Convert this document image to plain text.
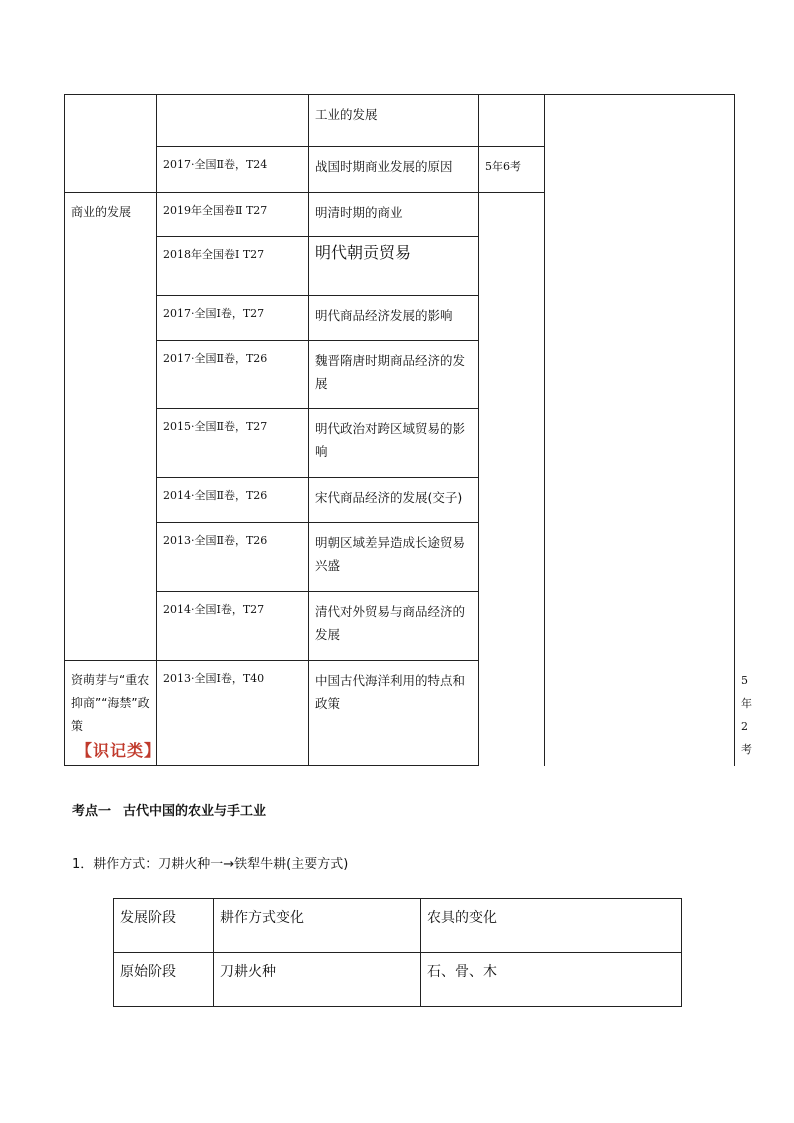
		工业的发展			
	2017·全国Ⅱ卷，T24	战国时期商业发展的原因	5年6考		
商业的发展	2019年全国卷Ⅱ T27	明清时期的商业			
	2018年全国卷Ⅰ T27	明代朝贡贸易			
	2017·全国Ⅰ卷，T27	明代商品经济发展的影响			
	2017·全国Ⅱ卷，T26	魏晋隋唐时期商品经济的发展			
	2015·全国Ⅱ卷，T27	明代政治对跨区域贸易的影响			
	2014·全国Ⅱ卷，T26	宋代商品经济的发展(交子)			
	2013·全国Ⅱ卷，T26	明朝区域差异造成长途贸易兴盛			
	2014·全国Ⅰ卷，T27	清代对外贸易与商品经济的发展			
资萌芽与“重农抑商”“海禁”政策	2013·全国Ⅰ卷，T40	中国古代海洋利用的特点和政策			5年2考	
【识记类】
考点一 古代中国的农业与手工业
1．耕作方式：刀耕火种一→铁犁牛耕(主要方式)
发展阶段	耕作方式变化	农具的变化
原始阶段	刀耕火种	石、骨、木
